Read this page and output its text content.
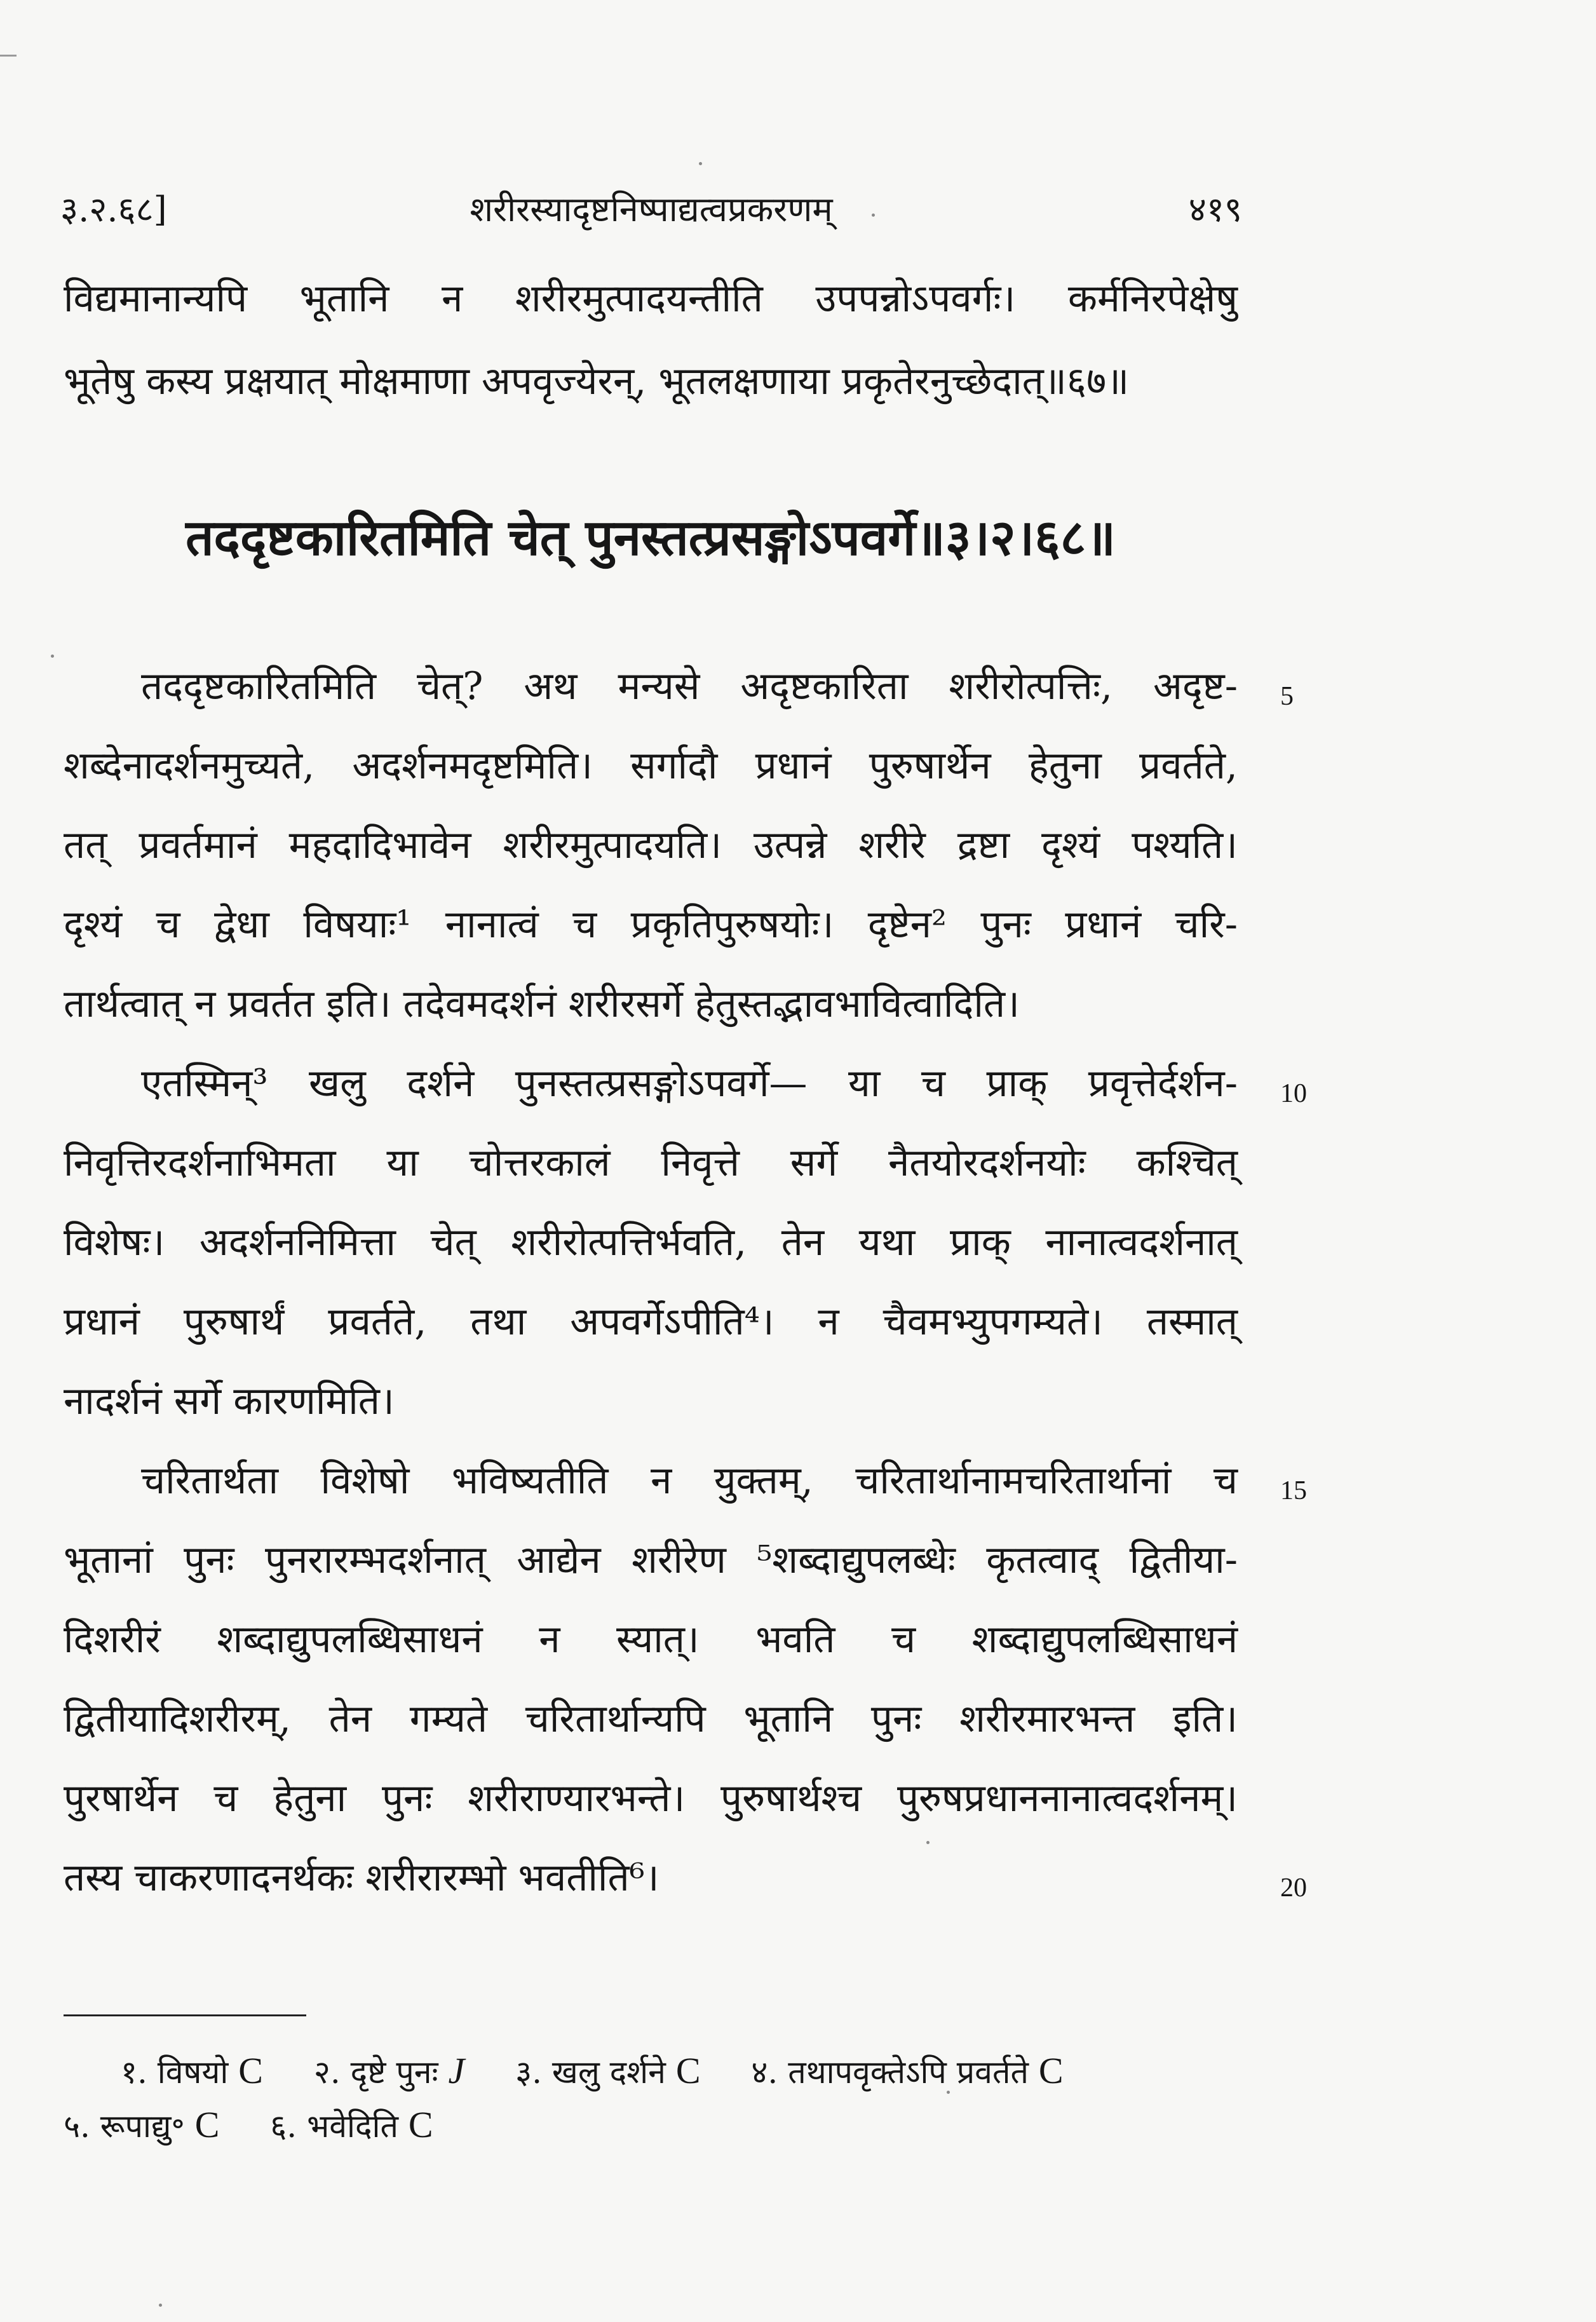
३.२.६८]	शरीरस्यादृष्टनिष्पाद्यत्वप्रकरणम्	४१९
विद्यमानान्यपि भूतानि न शरीरमुत्पादयन्तीति उपपन्नोऽपवर्गः। कर्मनिरपेक्षेषु
भूतेषु कस्य प्रक्षयात् मोक्षमाणा अपवृज्येरन्, भूतलक्षणाया प्रकृतेरनुच्छेदात्॥६७॥
तददृष्टकारितमिति चेत् पुनस्तत्प्रसङ्गोऽपवर्गे॥३।२।६८॥
तददृष्टकारितमिति चेत्? अथ मन्यसे अदृष्टकारिता शरीरोत्पत्तिः, अदृष्ट-
शब्देनादर्शनमुच्यते, अदर्शनमदृष्टमिति। सर्गादौ प्रधानं पुरुषार्थेन हेतुना प्रवर्तते,
तत् प्रवर्तमानं महदादिभावेन शरीरमुत्पादयति। उत्पन्ने शरीरे द्रष्टा दृश्यं पश्यति।
दृश्यं च द्वेधा विषयाः¹ नानात्वं च प्रकृतिपुरुषयोः। दृष्टेन² पुनः प्रधानं चरि-
तार्थत्वात् न प्रवर्तत इति। तदेवमदर्शनं शरीरसर्गे हेतुस्तद्भावभावित्वादिति।
एतस्मिन्³ खलु दर्शने पुनस्तत्प्रसङ्गोऽपवर्गे— या च प्राक् प्रवृत्तेर्दर्शन-
निवृत्तिरदर्शनाभिमता या चोत्तरकालं निवृत्ते सर्गे नैतयोरदर्शनयोः कश्चित्
विशेषः। अदर्शननिमित्ता चेत् शरीरोत्पत्तिर्भवति, तेन यथा प्राक् नानात्वदर्शनात्
प्रधानं पुरुषार्थं प्रवर्तते, तथा अपवर्गेऽपीति⁴। न चैवमभ्युपगम्यते। तस्मात्
नादर्शनं सर्गे कारणमिति।
चरितार्थता विशेषो भविष्यतीति न युक्तम्, चरितार्थानामचरितार्थानां च
भूतानां पुनः पुनरारम्भदर्शनात् आद्येन शरीरेण ⁵शब्दाद्युपलब्धेः कृतत्वाद् द्वितीया-
दिशरीरं शब्दाद्युपलब्धिसाधनं न स्यात्। भवति च शब्दाद्युपलब्धिसाधनं
द्वितीयादिशरीरम्, तेन गम्यते चरितार्थान्यपि भूतानि पुनः शरीरमारभन्त इति।
पुरषार्थेन च हेतुना पुनः शरीराण्यारभन्ते। पुरुषार्थश्च पुरुषप्रधाननानात्वदर्शनम्।
तस्य चाकरणादनर्थकः शरीरारम्भो भवतीति⁶।
5
10
15
20
१. विषयो C २. दृष्टे पुनः J ३. खलु दर्शने C ४. तथापवृक्तेऽपि प्रवर्तते C
५. रूपाद्यु॰ C ६. भवेदिति C
